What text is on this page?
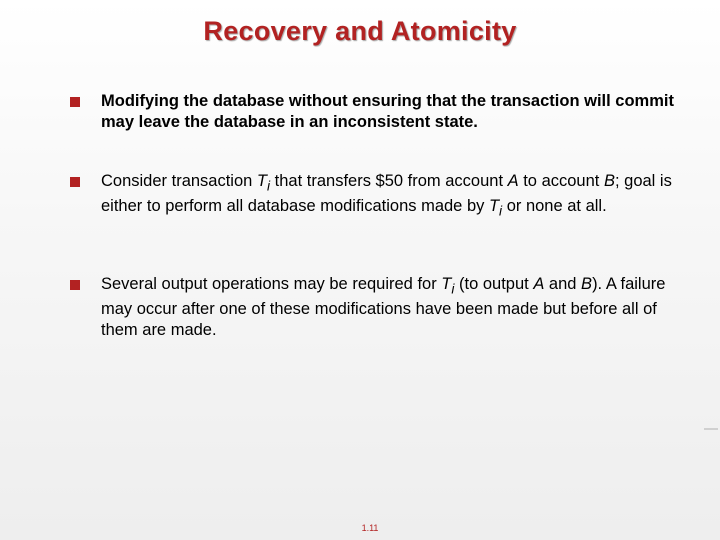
Recovery and Atomicity
Modifying the database without ensuring that the transaction will commit may leave the database in an inconsistent state.
Consider transaction $T_i$ that transfers $50 from account A to account B; goal is either to perform all database modifications made by $T_i$ or none at all.
Several output operations may be required for $T_i$ (to output A and B). A failure may occur after one of these modifications have been made but before all of them are made.
1.11
